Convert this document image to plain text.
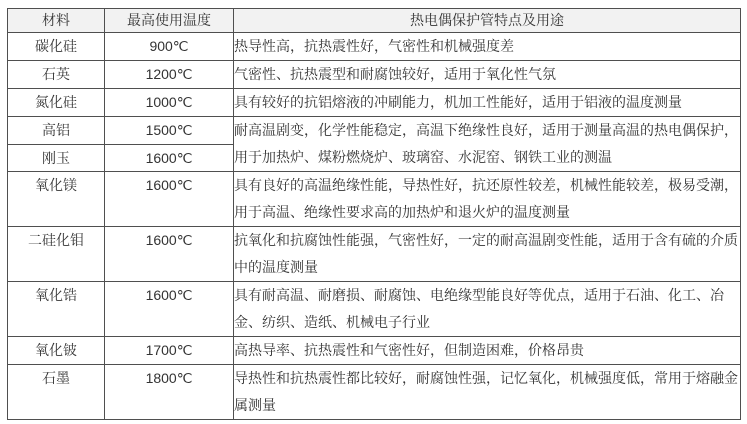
材料	最高使用温度	热电偶保护管特点及用途
碳化硅	900℃	热导性高，抗热震性好，气密性和机械强度差
石英	1200℃	气密性、抗热震型和耐腐蚀较好，适用于氧化性气氛
氮化硅	1000℃	具有较好的抗铝熔液的冲刷能力，机加工性能好，适用于铝液的温度测量
高铝	1500℃	耐高温剧变，化学性能稳定，高温下绝缘性良好，适用于测量高温的热电偶保护，用于加热炉、煤粉燃烧炉、玻璃窑、水泥窑、钢铁工业的测温
刚玉	1600℃	
氧化镁	1600℃	具有良好的高温绝缘性能，导热性好，抗还原性较差，机械性能较差，极易受潮，用于高温、绝缘性要求高的加热炉和退火炉的温度测量
二硅化钼	1600℃	抗氧化和抗腐蚀性能强，气密性好，一定的耐高温剧变性能，适用于含有硫的介质中的温度测量
氧化锆	1600℃	具有耐高温、耐磨损、耐腐蚀、电绝缘型能良好等优点，适用于石油、化工、冶金、纺织、造纸、机械电子行业
氧化铍	1700℃	高热导率、抗热震性和气密性好，但制造困难，价格昂贵
石墨	1800℃	导热性和抗热震性都比较好，耐腐蚀性强，记忆氧化，机械强度低，常用于熔融金属测量
